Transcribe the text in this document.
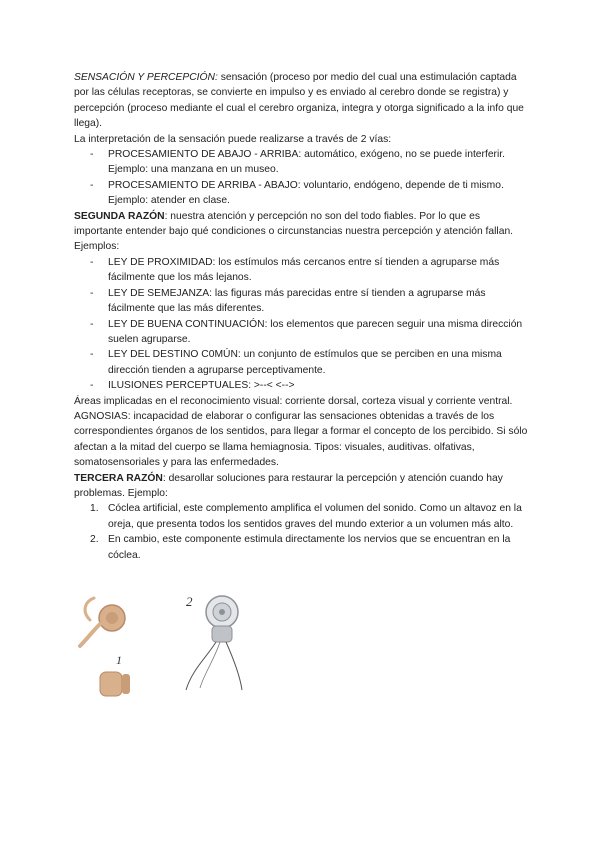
SENSACIÓN Y PERCEPCIÓN: sensación (proceso por medio del cual una estimulación captada por las células receptoras, se convierte en impulso y es enviado al cerebro donde se registra) y percepción (proceso mediante el cual el cerebro organiza, integra y otorga significado a la info que llega).

La interpretación de la sensación puede realizarse a través de 2 vías:

- PROCESAMIENTO DE ABAJO - ARRIBA: automático, exógeno, no se puede interferir. Ejemplo: una manzana en un museo.
- PROCESAMIENTO DE ARRIBA - ABAJO: voluntario, endógeno, depende de ti mismo. Ejemplo: atender en clase.

SEGUNDA RAZÓN: nuestra atención y percepción no son del todo fiables. Por lo que es importante entender bajo qué condiciones o circunstancias nuestra percepción y atención fallan. Ejemplos:

- LEY DE PROXIMIDAD: los estímulos más cercanos entre sí tienden a agruparse más fácilmente que los más lejanos.
- LEY DE SEMEJANZA: las figuras más parecidas entre sí tienden a agruparse más fácilmente que las más diferentes.
- LEY DE BUENA CONTINUACIÓN: los elementos que parecen seguir una misma dirección suelen agruparse.
- LEY DEL DESTINO C0MÚN: un conjunto de estímulos que se perciben en una misma dirección tienden a agruparse perceptivamente.
- ILUSIONES PERCEPTUALES: >--< <-->

Áreas implicadas en el reconocimiento visual: corriente dorsal, corteza visual y corriente ventral.

AGNOSIAS: incapacidad de elaborar o configurar las sensaciones obtenidas a través de los correspondientes órganos de los sentidos, para llegar a formar el concepto de los percibido. Si sólo afectan a la mitad del cuerpo se llama hemiagnosia. Tipos: visuales, auditivas. olfativas, somatosensoriales y para las enfermedades.

TERCERA RAZÓN: desarollar soluciones para restaurar la percepción y atención cuando hay problemas. Ejemplo:

1. Cóclea artificial, este complemento amplifica el volumen del sonido. Como un altavoz en la oreja, que presenta todos los sentidos graves del mundo exterior a un volumen más alto.
2. En cambio, este componente estimula directamente los nervios que se encuentran en la cóclea.
1
2
